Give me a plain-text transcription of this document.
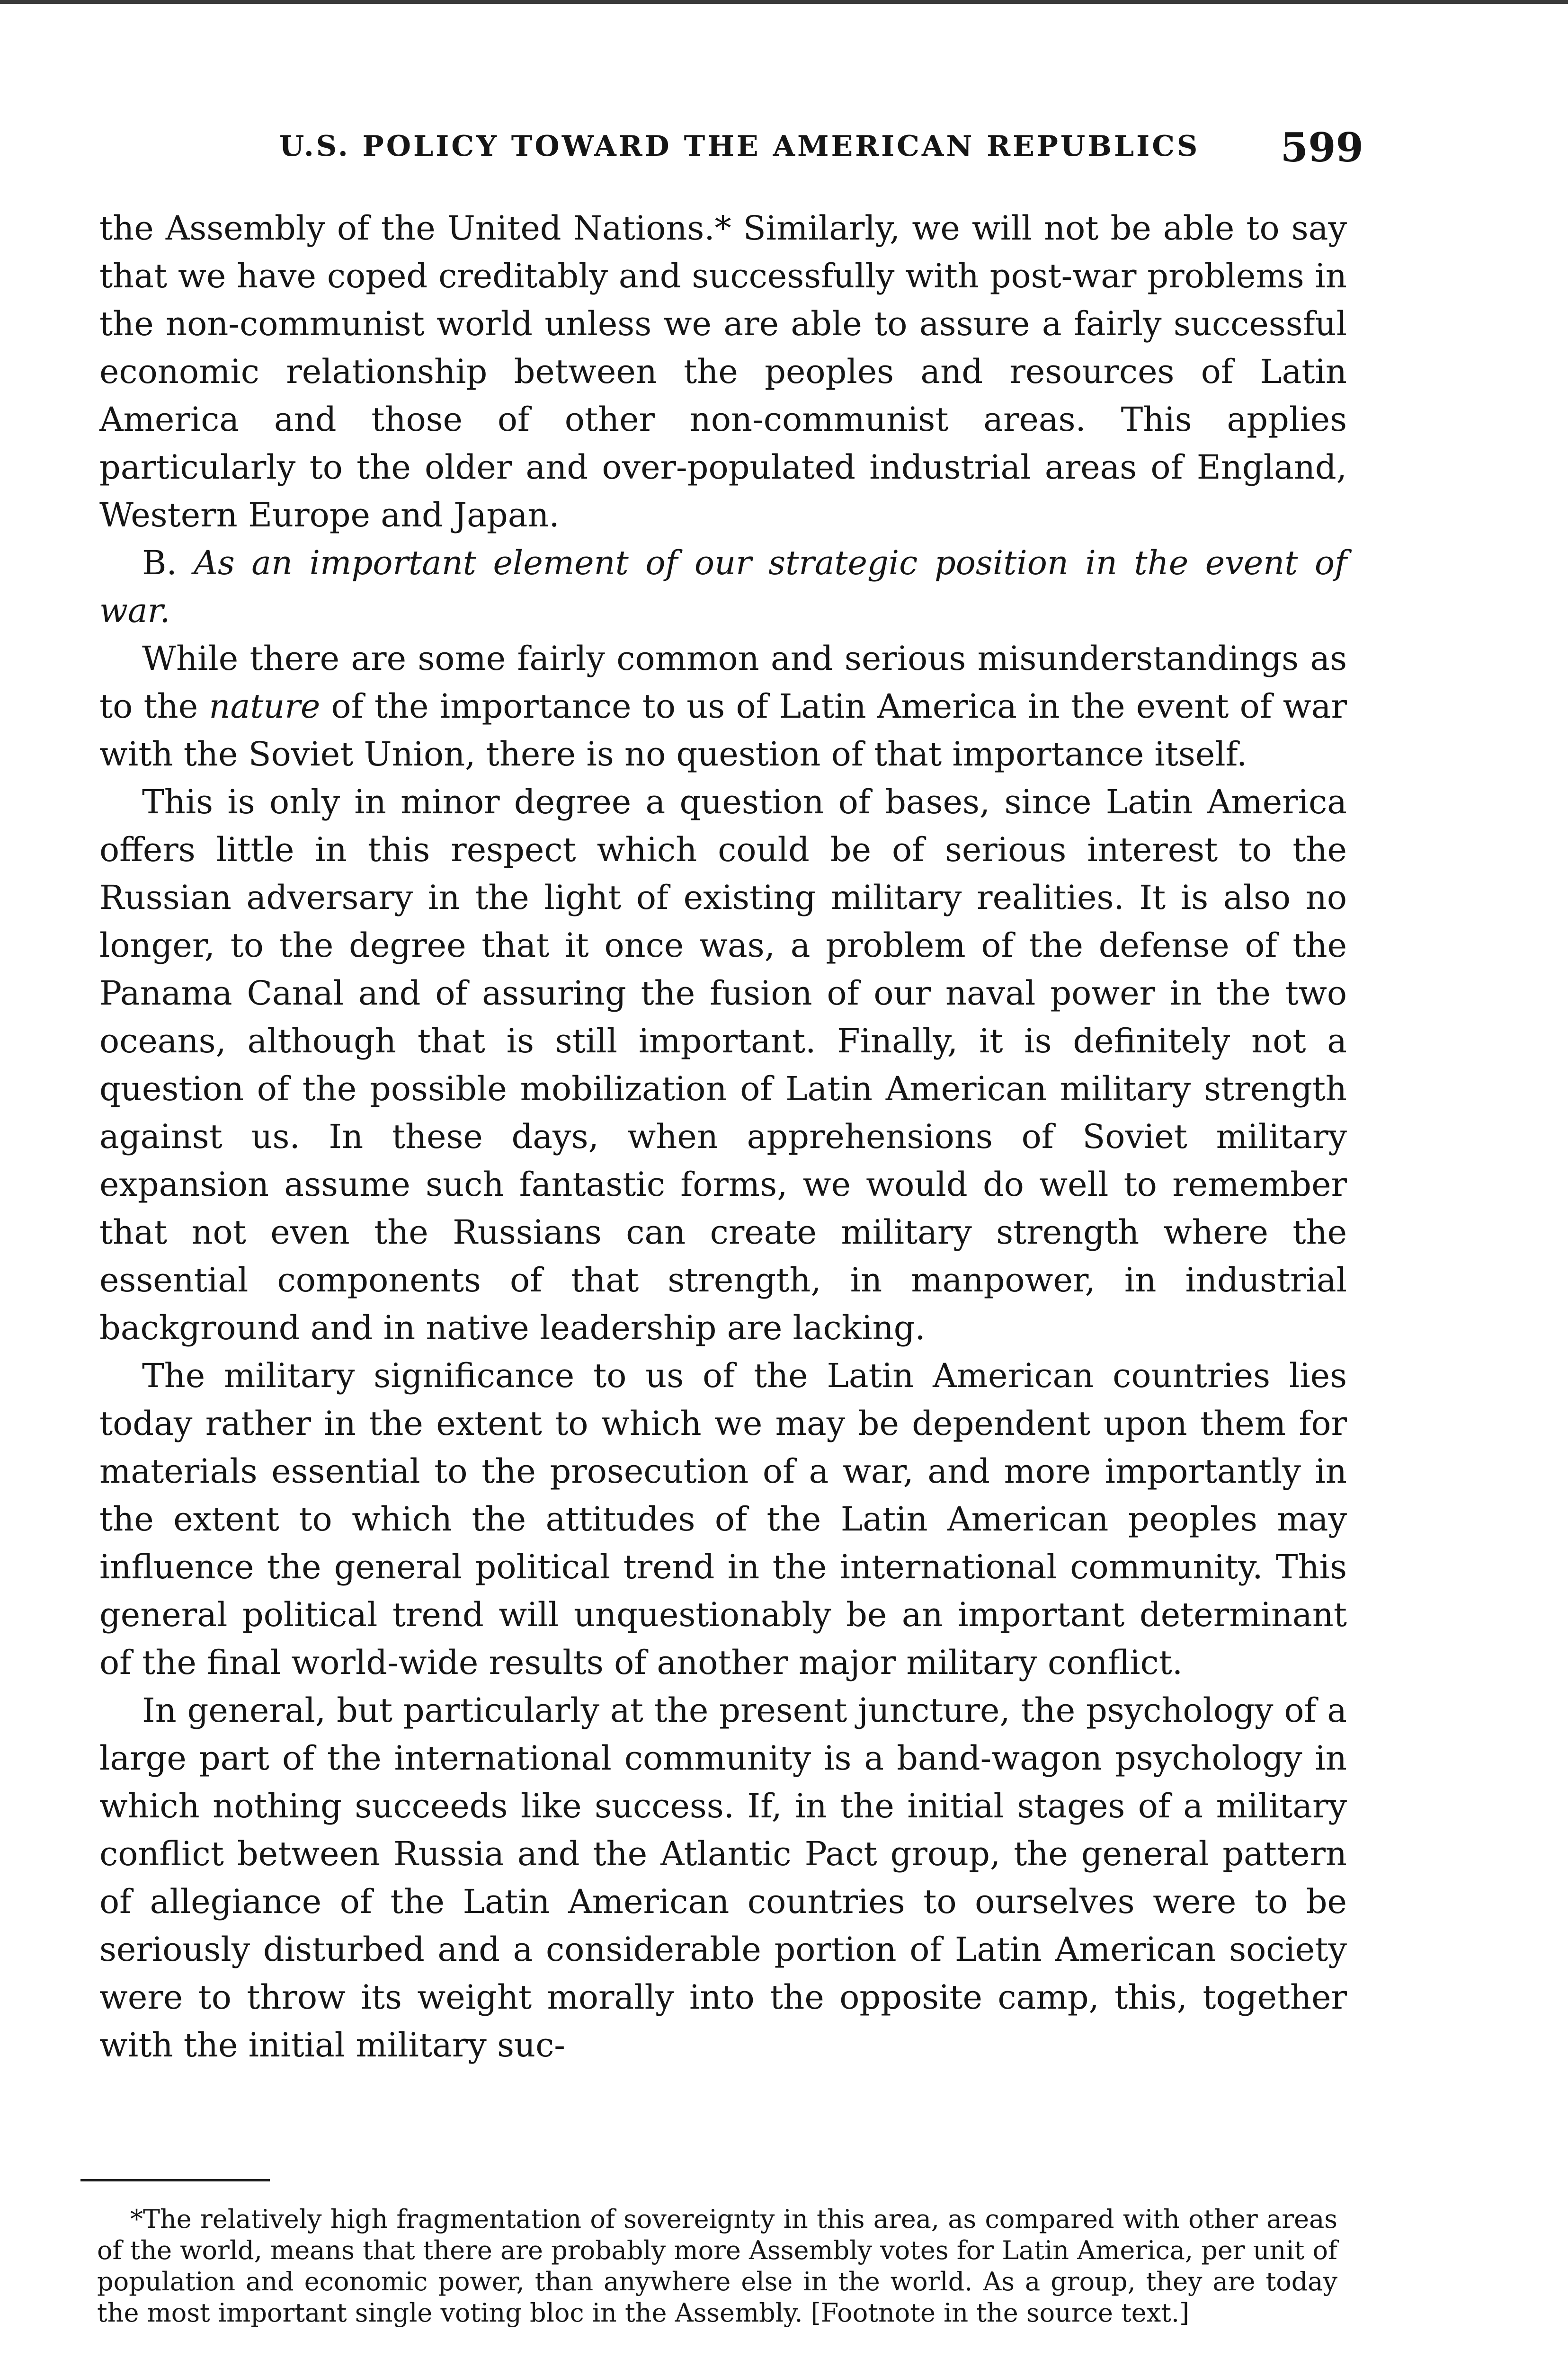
U.S. POLICY TOWARD THE AMERICAN REPUBLICS 599

the Assembly of the United Nations.* Similarly, we will not be able to say that we have coped creditably and successfully with post-war problems in the non-communist world unless we are able to assure a fairly successful economic relationship between the peoples and resources of Latin America and those of other non-communist areas. This applies particularly to the older and over-populated industrial areas of England, Western Europe and Japan.

B. As an important element of our strategic position in the event of war.

While there are some fairly common and serious misunderstandings as to the nature of the importance to us of Latin America in the event of war with the Soviet Union, there is no question of that importance itself.

This is only in minor degree a question of bases, since Latin America offers little in this respect which could be of serious interest to the Russian adversary in the light of existing military realities. It is also no longer, to the degree that it once was, a problem of the defense of the Panama Canal and of assuring the fusion of our naval power in the two oceans, although that is still important. Finally, it is definitely not a question of the possible mobilization of Latin American military strength against us. In these days, when apprehensions of Soviet military expansion assume such fantastic forms, we would do well to remember that not even the Russians can create military strength where the essential components of that strength, in manpower, in industrial background and in native leadership are lacking.

The military significance to us of the Latin American countries lies today rather in the extent to which we may be dependent upon them for materials essential to the prosecution of a war, and more importantly in the extent to which the attitudes of the Latin American peoples may influence the general political trend in the international community. This general political trend will unquestionably be an important determinant of the final world-wide results of another major military conflict.

In general, but particularly at the present juncture, the psychology of a large part of the international community is a band-wagon psychology in which nothing succeeds like success. If, in the initial stages of a military conflict between Russia and the Atlantic Pact group, the general pattern of allegiance of the Latin American countries to ourselves were to be seriously disturbed and a considerable portion of Latin American society were to throw its weight morally into the opposite camp, this, together with the initial military suc-

*The relatively high fragmentation of sovereignty in this area, as compared with other areas of the world, means that there are probably more Assembly votes for Latin America, per unit of population and economic power, than anywhere else in the world. As a group, they are today the most important single voting bloc in the Assembly. [Footnote in the source text.]
